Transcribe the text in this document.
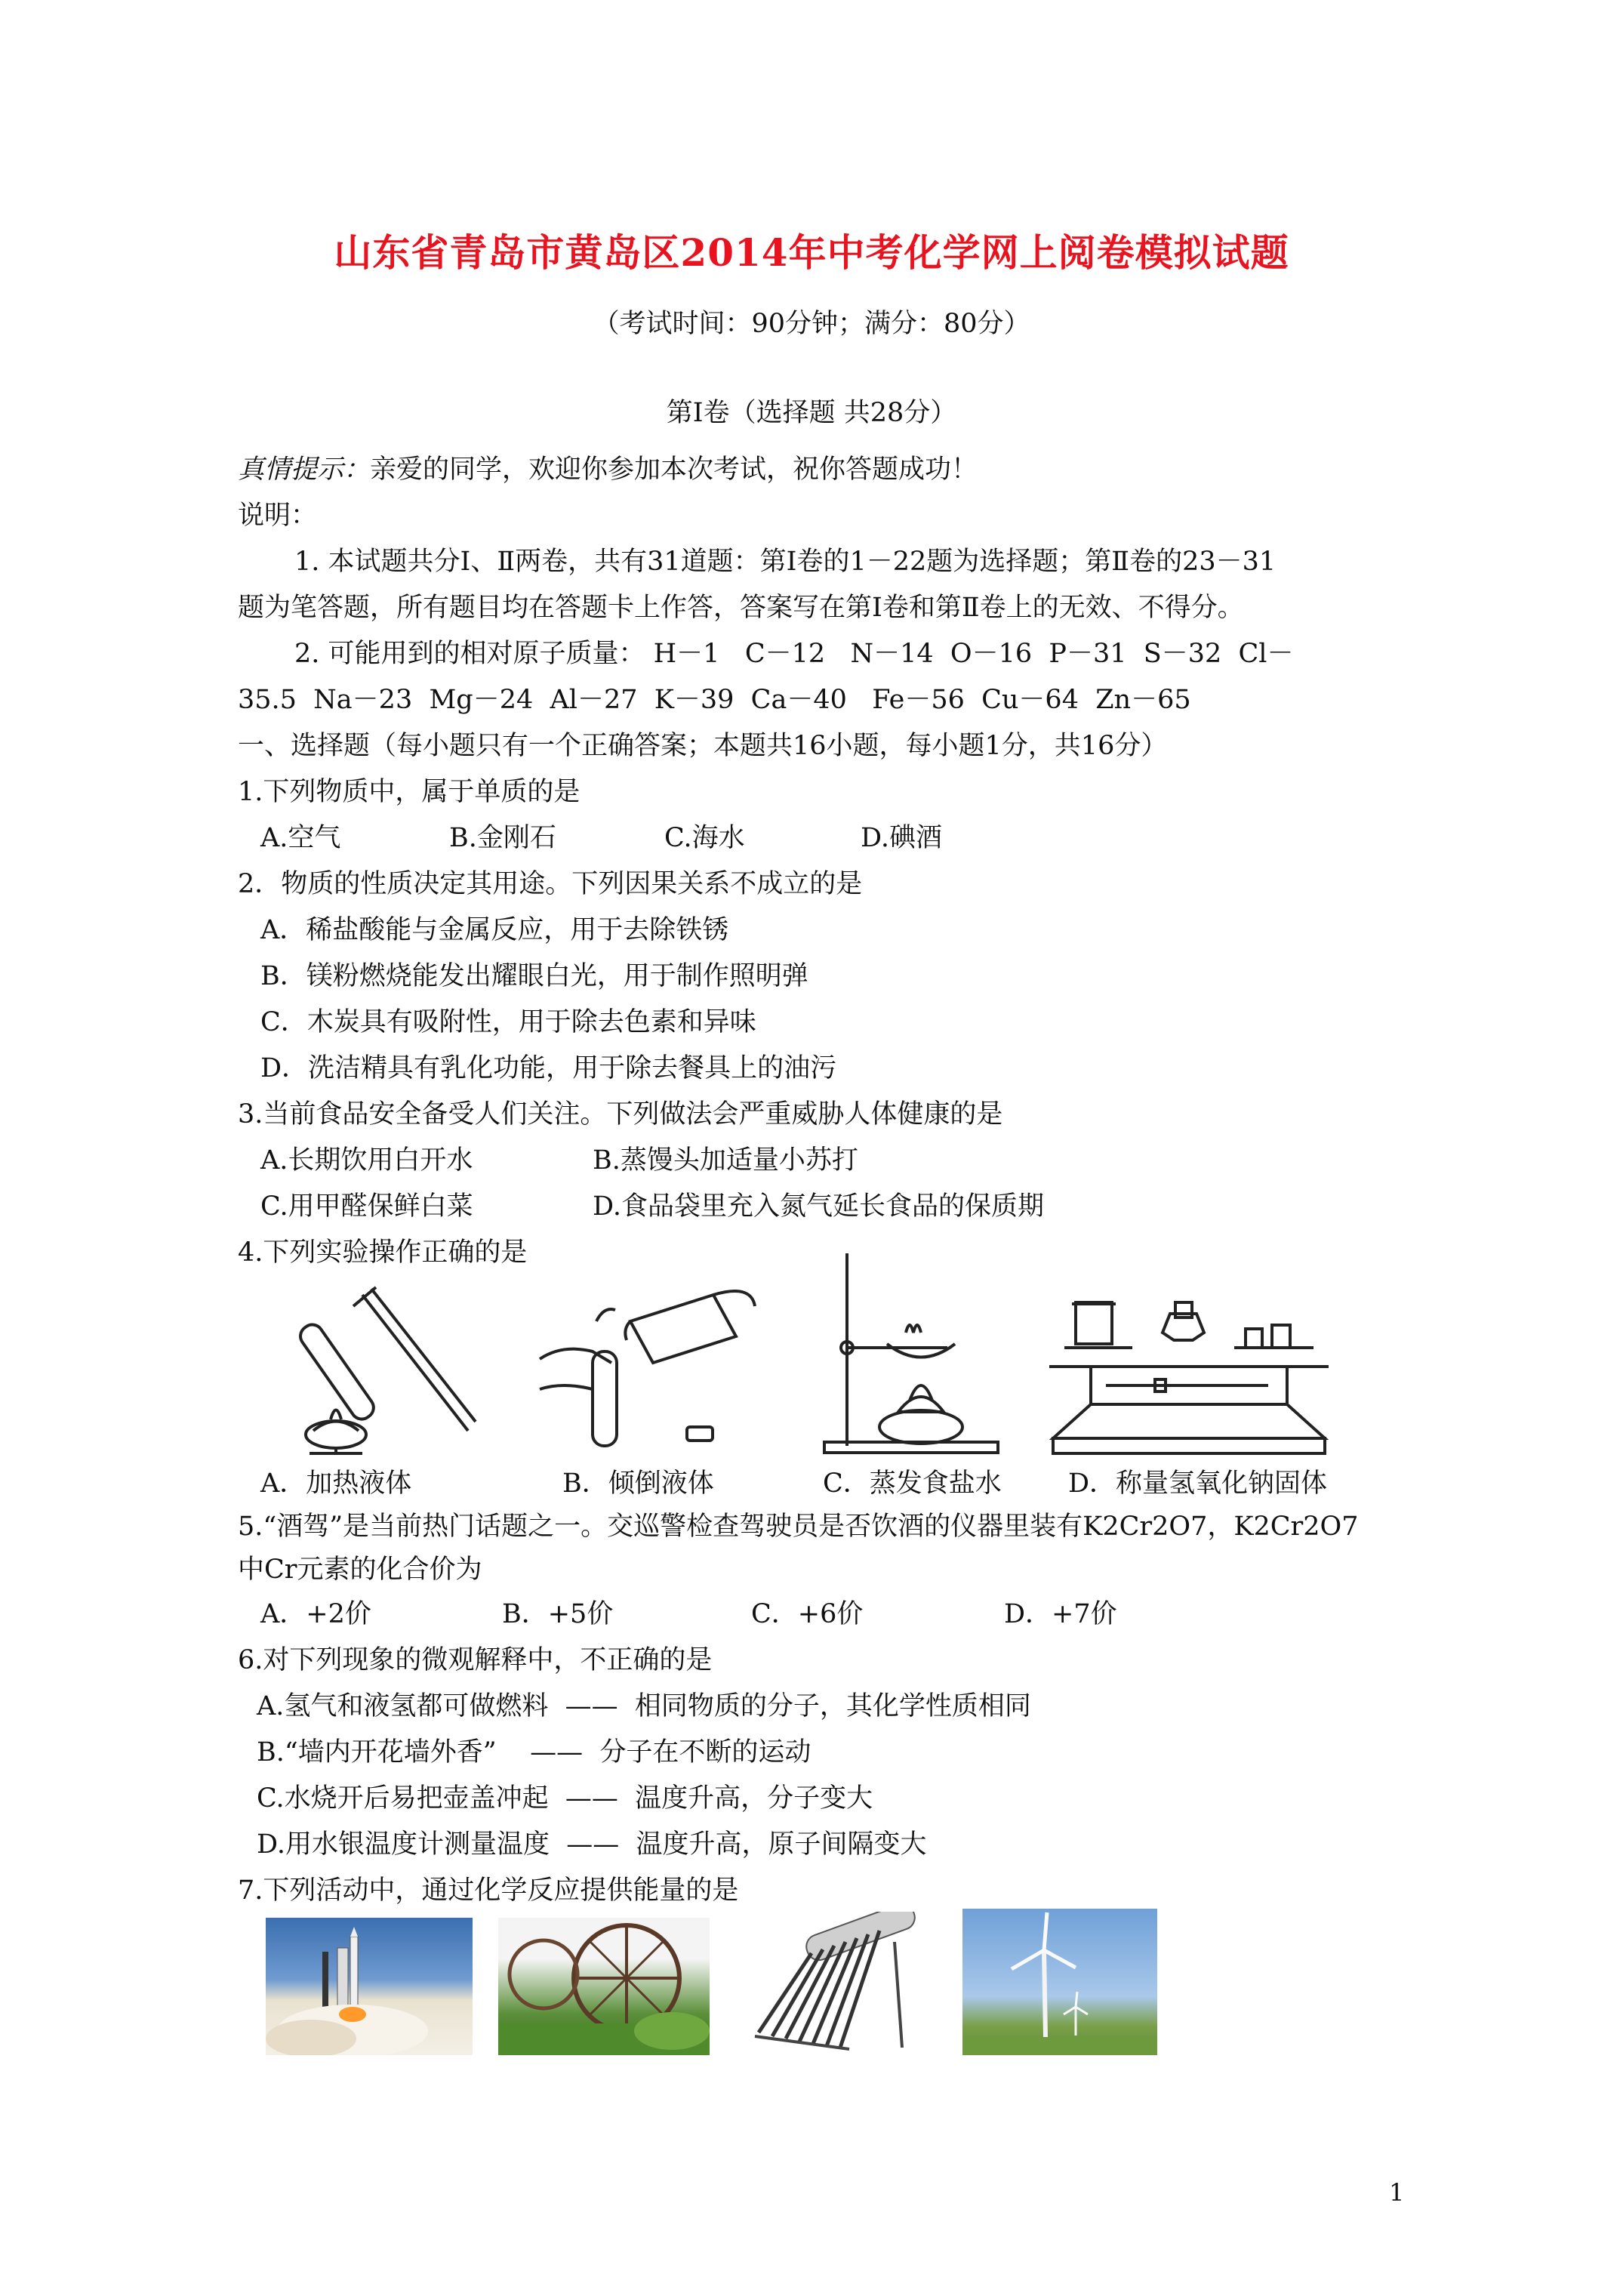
山东省青岛市黄岛区2014年中考化学网上阅卷模拟试题
（考试时间：90分钟；满分：80分）
第Ⅰ卷（选择题 共28分）
真情提示：亲爱的同学，欢迎你参加本次考试，祝你答题成功！
说明：
1. 本试题共分Ⅰ、Ⅱ两卷，共有31道题：第Ⅰ卷的1－22题为选择题；第Ⅱ卷的23－31
题为笔答题，所有题目均在答题卡上作答，答案写在第Ⅰ卷和第Ⅱ卷上的无效、不得分。
2. 可能用到的相对原子质量： H－1   C－12   N－14  O－16  P－31  S－32  Cl－
35.5  Na－23  Mg－24  Al－27  K－39  Ca－40   Fe－56  Cu－64  Zn－65
一、选择题（每小题只有一个正确答案；本题共16小题，每小题1分，共16分）
1.下列物质中，属于单质的是
A.空气	B.金刚石	C.海水	D.碘酒
2．物质的性质决定其用途。下列因果关系不成立的是
A．稀盐酸能与金属反应，用于去除铁锈
B．镁粉燃烧能发出耀眼白光，用于制作照明弹
C．木炭具有吸附性，用于除去色素和异味
D．洗洁精具有乳化功能，用于除去餐具上的油污
3.当前食品安全备受人们关注。下列做法会严重威胁人体健康的是
A.长期饮用白开水	B.蒸馒头加适量小苏打
C.用甲醛保鲜白菜	D.食品袋里充入氮气延长食品的保质期
4.下列实验操作正确的是
A．加热液体	B．倾倒液体	C．蒸发食盐水	D．称量氢氧化钠固体
5.“酒驾”是当前热门话题之一。交巡警检查驾驶员是否饮酒的仪器里装有K2Cr2O7，K2Cr2O7
中Cr元素的化合价为
A．+2价	B．+5价	C．+6价	D．+7价
6.对下列现象的微观解释中，不正确的是
A.氢气和液氢都可做燃料  ——  相同物质的分子，其化学性质相同
B.“墙内开花墙外香”    ——  分子在不断的运动
C.水烧开后易把壶盖冲起  ——  温度升高，分子变大
D.用水银温度计测量温度  ——  温度升高，原子间隔变大
7.下列活动中，通过化学反应提供能量的是
1
